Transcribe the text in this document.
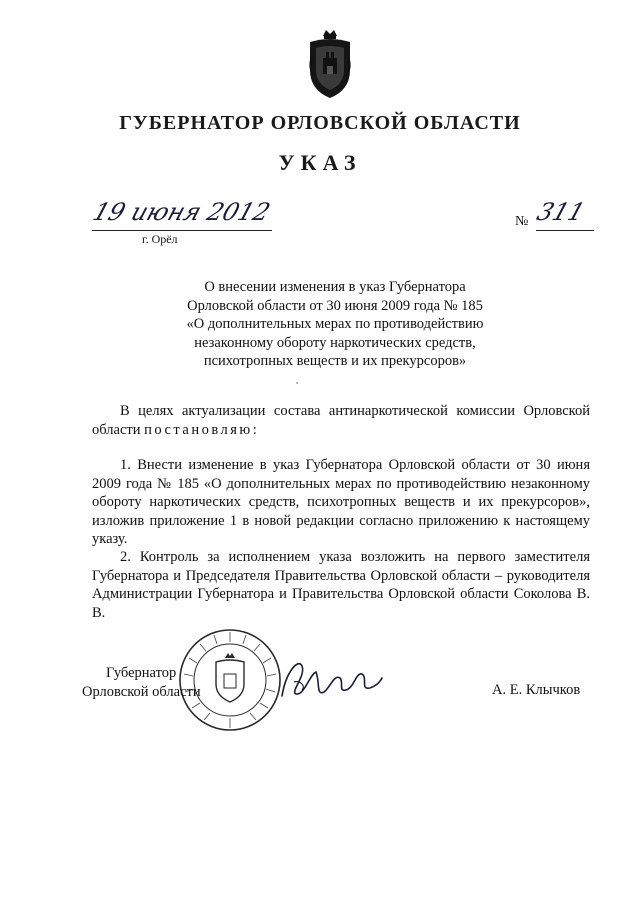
ГУБЕРНАТОР ОРЛОВСКОЙ ОБЛАСТИ
УКАЗ
19 июня 2012
г. Орёл
№ 311
О внесении изменения в указ Губернатора
Орловской области от 30 июня 2009 года № 185
«О дополнительных мерах по противодействию
незаконному обороту наркотических средств,
психотропных веществ и их прекурсоров»
В целях актуализации состава антинаркотической комиссии Орловской области постановляю:
1. Внести изменение в указ Губернатора Орловской области от 30 июня 2009 года № 185 «О дополнительных мерах по противодействию незаконному обороту наркотических средств, психотропных веществ и их прекурсоров», изложив приложение 1 в новой редакции согласно приложению к настоящему указу.
2. Контроль за исполнением указа возложить на первого заместителя Губернатора и Председателя Правительства Орловской области – руководителя Администрации Губернатора и Правительства Орловской области Соколова В. В.
Губернатор
Орловской области	А. Е. Клычков
